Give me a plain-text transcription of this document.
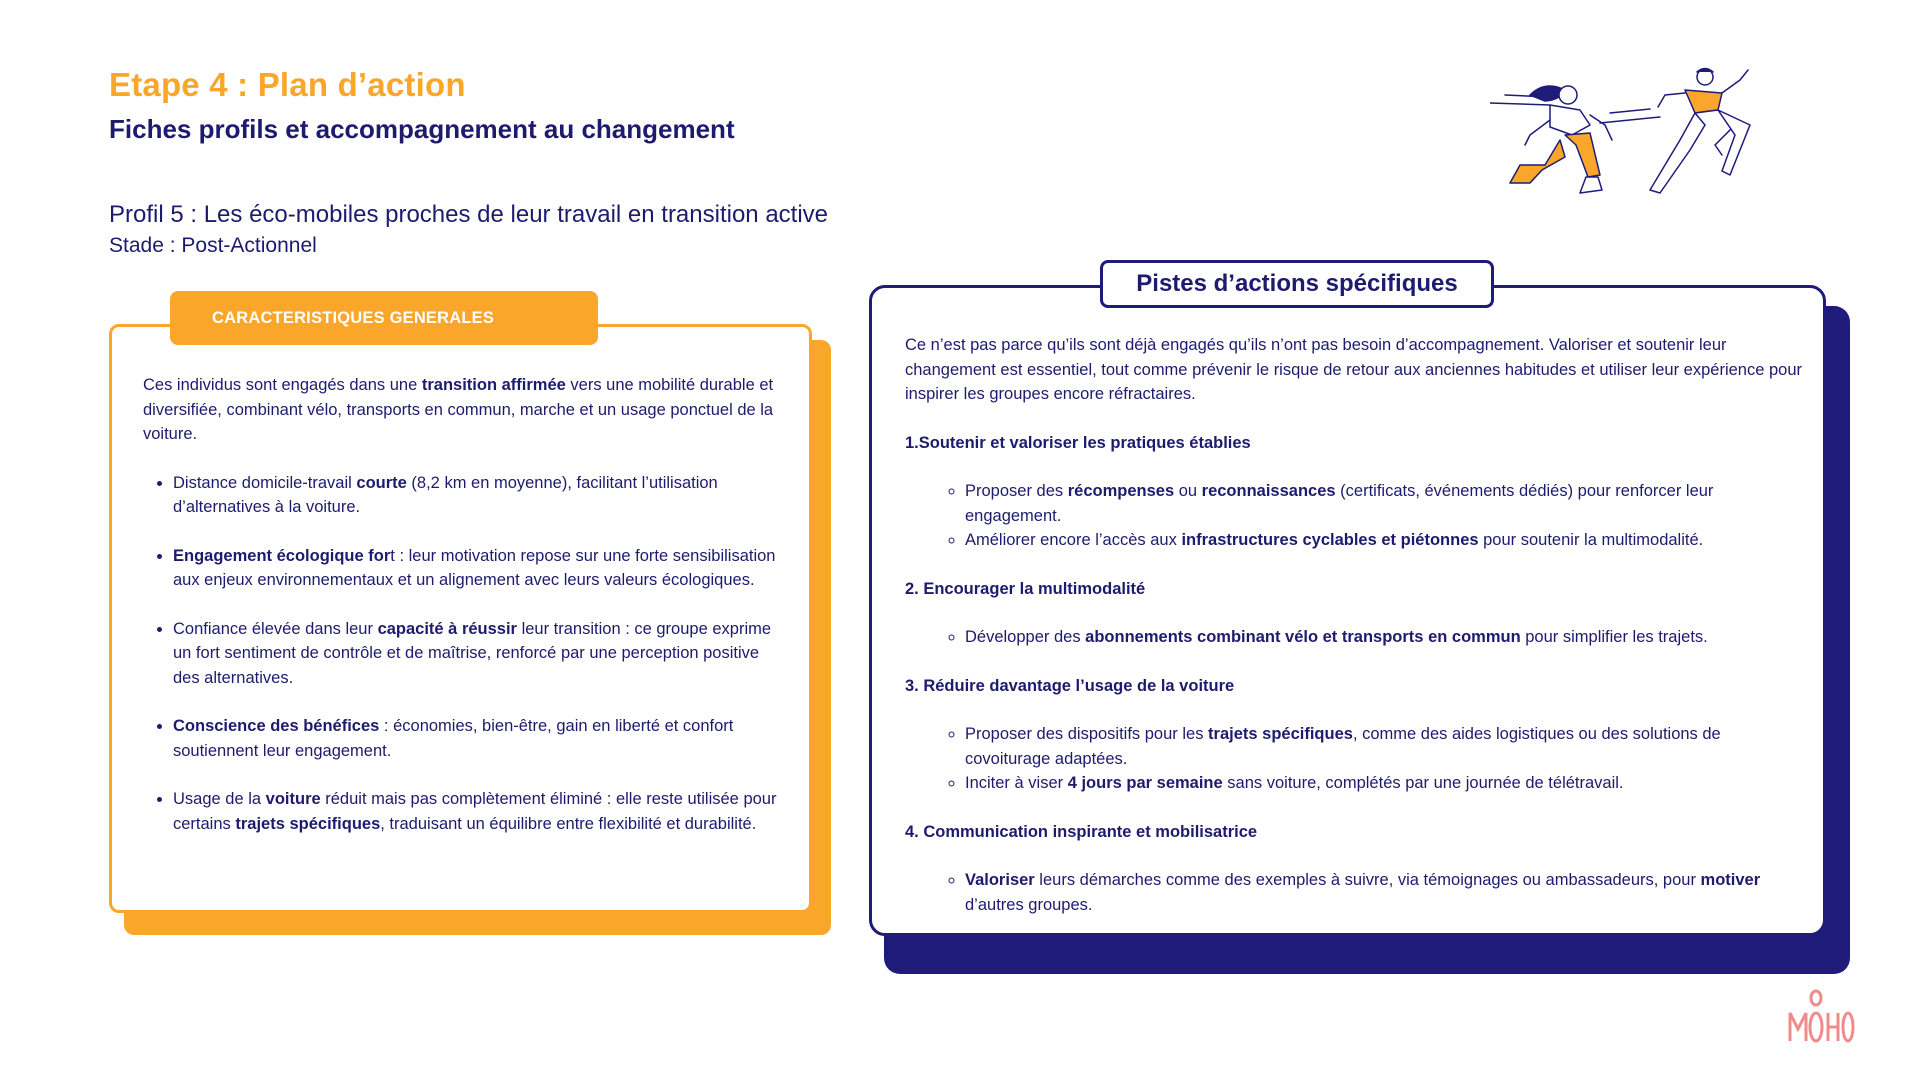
Etape 4 : Plan d’action
Fiches profils et accompagnement au changement
Profil 5 : Les éco-mobiles proches de leur travail en transition active
Stade : Post-Actionnel
CARACTERISTIQUES GENERALES

Ces individus sont engagés dans une transition affirmée vers une mobilité durable et diversifiée, combinant vélo, transports en commun, marche et un usage ponctuel de la voiture.

• Distance domicile-travail courte (8,2 km en moyenne), facilitant l’utilisation d’alternatives à la voiture.
• Engagement écologique fort : leur motivation repose sur une forte sensibilisation aux enjeux environnementaux et un alignement avec leurs valeurs écologiques.
• Confiance élevée dans leur capacité à réussir leur transition : ce groupe exprime un fort sentiment de contrôle et de maîtrise, renforcé par une perception positive des alternatives.
• Conscience des bénéfices : économies, bien-être, gain en liberté et confort soutiennent leur engagement.
• Usage de la voiture réduit mais pas complètement éliminé : elle reste utilisée pour certains trajets spécifiques, traduisant un équilibre entre flexibilité et durabilité.
Pistes d’actions spécifiques

Ce n’est pas parce qu’ils sont déjà engagés qu’ils n’ont pas besoin d’accompagnement. Valoriser et soutenir leur changement est essentiel, tout comme prévenir le risque de retour aux anciennes habitudes et utiliser leur expérience pour inspirer les groupes encore réfractaires.

1.Soutenir et valoriser les pratiques établies
◦ Proposer des récompenses ou reconnaissances (certificats, événements dédiés) pour renforcer leur engagement.
◦ Améliorer encore l’accès aux infrastructures cyclables et piétonnes pour soutenir la multimodalité.
2. Encourager la multimodalité
◦ Développer des abonnements combinant vélo et transports en commun pour simplifier les trajets.
3. Réduire davantage l’usage de la voiture
◦ Proposer des dispositifs pour les trajets spécifiques, comme des aides logistiques ou des solutions de covoiturage adaptées.
◦ Inciter à viser 4 jours par semaine sans voiture, complétés par une journée de télétravail.
4. Communication inspirante et mobilisatrice
◦ Valoriser leurs démarches comme des exemples à suivre, via témoignages ou ambassadeurs, pour motiver d’autres groupes.
